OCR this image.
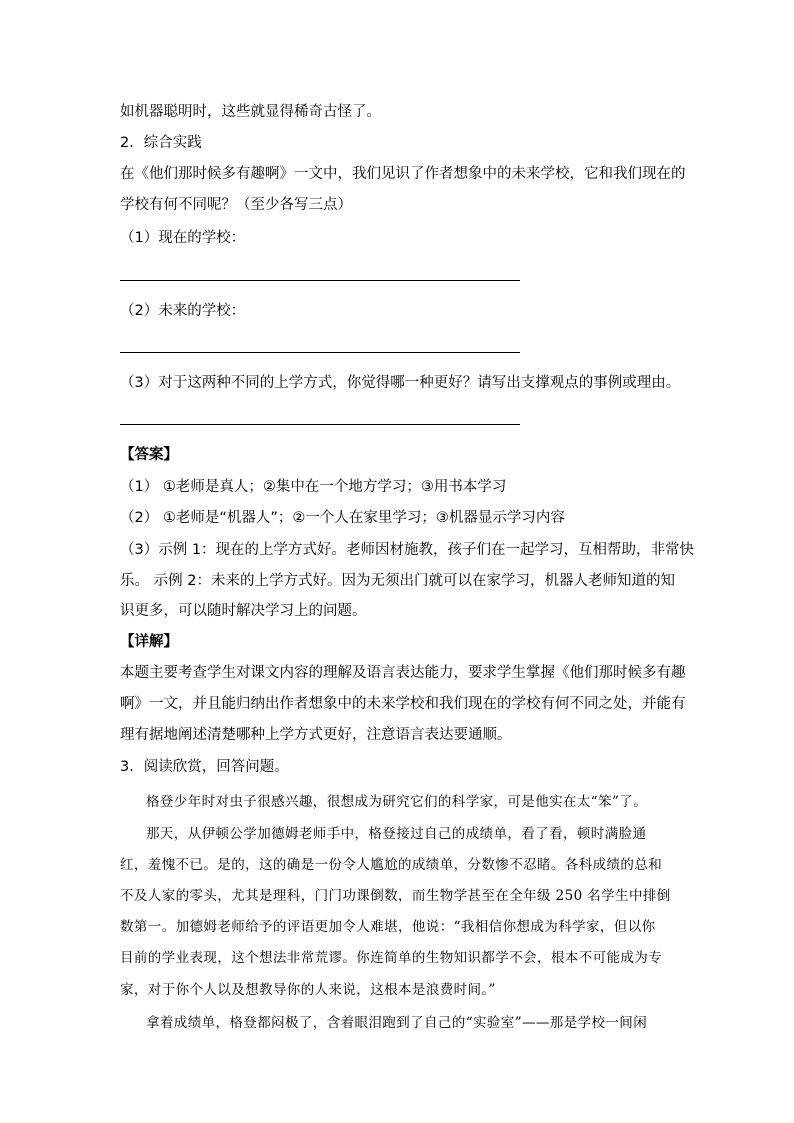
如机器聪明时，这些就显得稀奇古怪了。
2．综合实践
在《他们那时候多有趣啊》一文中，我们见识了作者想象中的未来学校，它和我们现在的
学校有何不同呢？（至少各写三点）
（1）现在的学校：
（2）未来的学校：
（3）对于这两种不同的上学方式，你觉得哪一种更好？请写出支撑观点的事例或理由。
【答案】
（1） ①老师是真人；②集中在一个地方学习；③用书本学习
（2） ①老师是“机器人”；②一个人在家里学习；③机器显示学习内容
（3）示例 1：现在的上学方式好。老师因材施教，孩子们在一起学习，互相帮助，非常快
乐。 示例 2：未来的上学方式好。因为无须出门就可以在家学习，机器人老师知道的知
识更多，可以随时解决学习上的问题。
【详解】
本题主要考查学生对课文内容的理解及语言表达能力，要求学生掌握《他们那时候多有趣
啊》一文，并且能归纳出作者想象中的未来学校和我们现在的学校有何不同之处，并能有
理有据地阐述清楚哪种上学方式更好，注意语言表达要通顺。
3．阅读欣赏，回答问题。
格登少年时对虫子很感兴趣，很想成为研究它们的科学家，可是他实在太“笨”了。
那天，从伊顿公学加德姆老师手中，格登接过自己的成绩单，看了看，顿时满脸通
红，羞愧不已。是的，这的确是一份令人尴尬的成绩单，分数惨不忍睹。各科成绩的总和
不及人家的零头，尤其是理科，门门功课倒数，而生物学甚至在全年级 250 名学生中排倒
数第一。加德姆老师给予的评语更加令人难堪，他说：“我相信你想成为科学家，但以你
目前的学业表现，这个想法非常荒谬。你连简单的生物知识都学不会，根本不可能成为专
家，对于你个人以及想教导你的人来说，这根本是浪费时间。”
拿着成绩单，格登都闷极了，含着眼泪跑到了自己的“实验室”——那是学校一间闲
